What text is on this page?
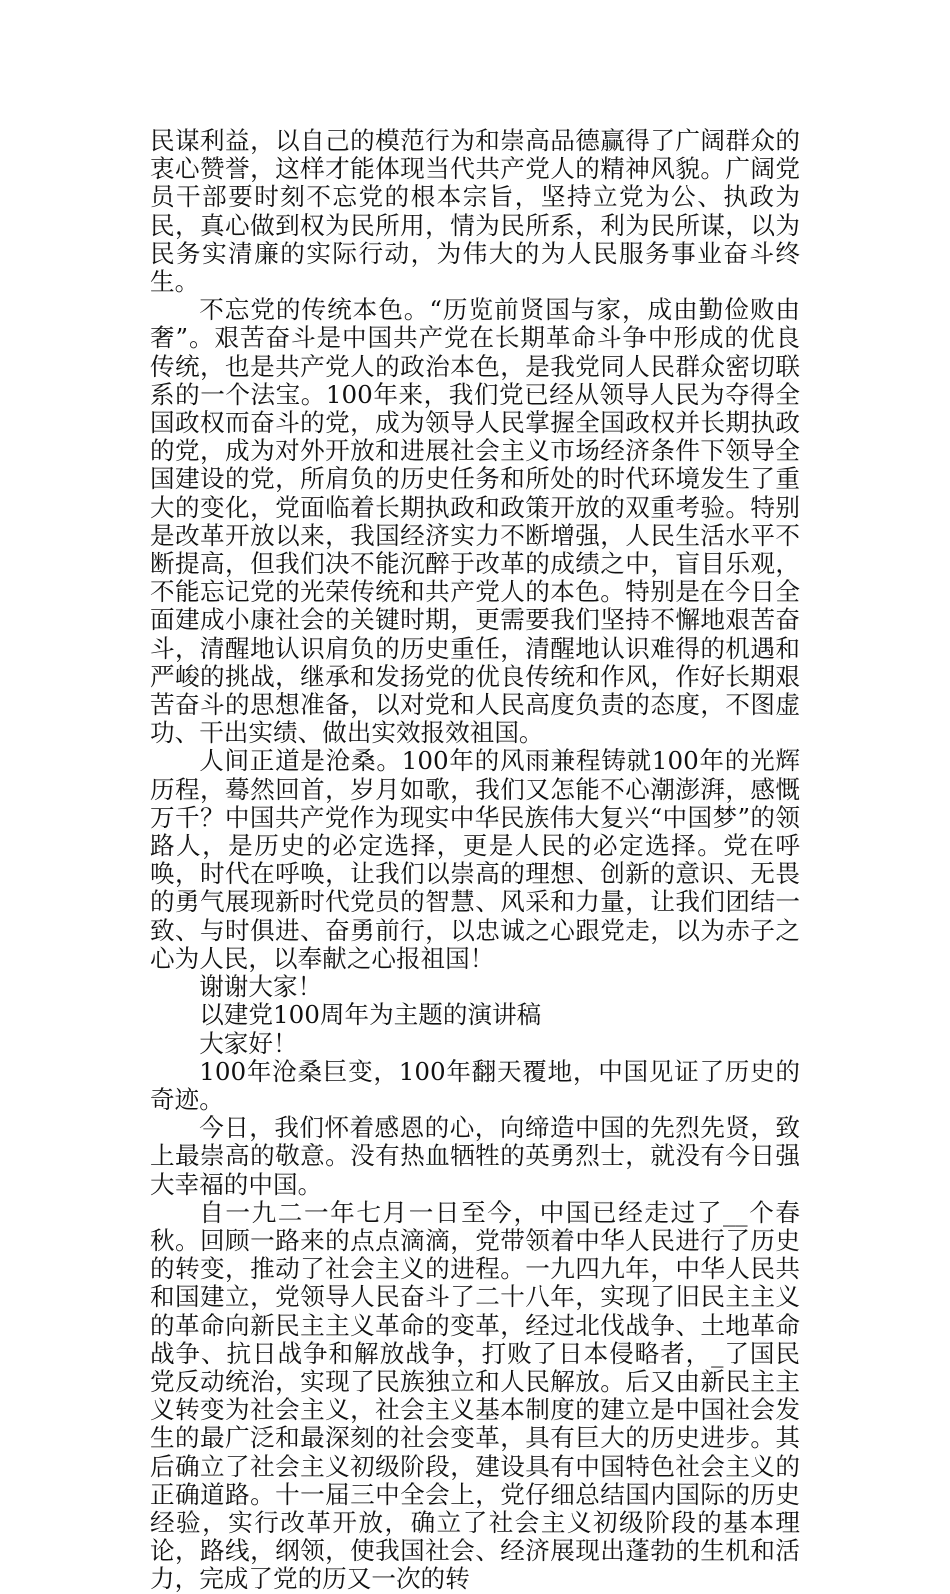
民谋利益，以自己的模范行为和崇高品德赢得了广阔群众的衷心赞誉，这样才能体现当代共产党人的精神风貌。广阔党员干部要时刻不忘党的根本宗旨，坚持立党为公、执政为民，真心做到权为民所用，情为民所系，利为民所谋，以为民务实清廉的实际行动，为伟大的为人民服务事业奋斗终生。

不忘党的传统本色。“历览前贤国与家，成由勤俭败由奢”。艰苦奋斗是中国共产党在长期革命斗争中形成的优良传统，也是共产党人的政治本色，是我党同人民群众密切联系的一个法宝。100年来，我们党已经从领导人民为夺得全国政权而奋斗的党，成为领导人民掌握全国政权并长期执政的党，成为对外开放和进展社会主义市场经济条件下领导全国建设的党，所肩负的历史任务和所处的时代环境发生了重大的变化，党面临着长期执政和政策开放的双重考验。特别是改革开放以来，我国经济实力不断增强，人民生活水平不断提高，但我们决不能沉醉于改革的成绩之中，盲目乐观，不能忘记党的光荣传统和共产党人的本色。特别是在今日全面建成小康社会的关键时期，更需要我们坚持不懈地艰苦奋斗，清醒地认识肩负的历史重任，清醒地认识难得的机遇和严峻的挑战，继承和发扬党的优良传统和作风，作好长期艰苦奋斗的思想准备，以对党和人民高度负责的态度，不图虚功、干出实绩、做出实效报效祖国。

人间正道是沧桑。100年的风雨兼程铸就100年的光辉历程，蓦然回首，岁月如歌，我们又怎能不心潮澎湃，感慨万千？中国共产党作为现实中华民族伟大复兴“中国梦”的领路人，是历史的必定选择，更是人民的必定选择。党在呼唤，时代在呼唤，让我们以崇高的理想、创新的意识、无畏的勇气展现新时代党员的智慧、风采和力量，让我们团结一致、与时俱进、奋勇前行，以忠诚之心跟党走，以为赤子之心为人民，以奉献之心报祖国！

谢谢大家！

以建党100周年为主题的演讲稿

大家好！

100年沧桑巨变，100年翻天覆地，中国见证了历史的奇迹。

今日，我们怀着感恩的心，向缔造中国的先烈先贤，致上最崇高的敬意。没有热血牺牲的英勇烈士，就没有今日强大幸福的中国。

自一九二一年七月一日至今，中国已经走过了__个春秋。回顾一路来的点点滴滴，党带领着中华人民进行了历史的转变，推动了社会主义的进程。一九四九年，中华人民共和国建立，党领导人民奋斗了二十八年，实现了旧民主主义的革命向新民主主义革命的变革，经过北伐战争、土地革命战争、抗日战争和解放战争，打败了日本侵略者，_了国民党反动统治，实现了民族独立和人民解放。后又由新民主主义转变为社会主义，社会主义基本制度的建立是中国社会发生的最广泛和最深刻的社会变革，具有巨大的历史进步。其后确立了社会主义初级阶段，建设具有中国特色社会主义的正确道路。十一届三中全会上，党仔细总结国内国际的历史经验，实行改革开放，确立了社会主义初级阶段的基本理论，路线，纲领，使我国社会、经济展现出蓬勃的生机和活力，完成了党的历又一次的转
